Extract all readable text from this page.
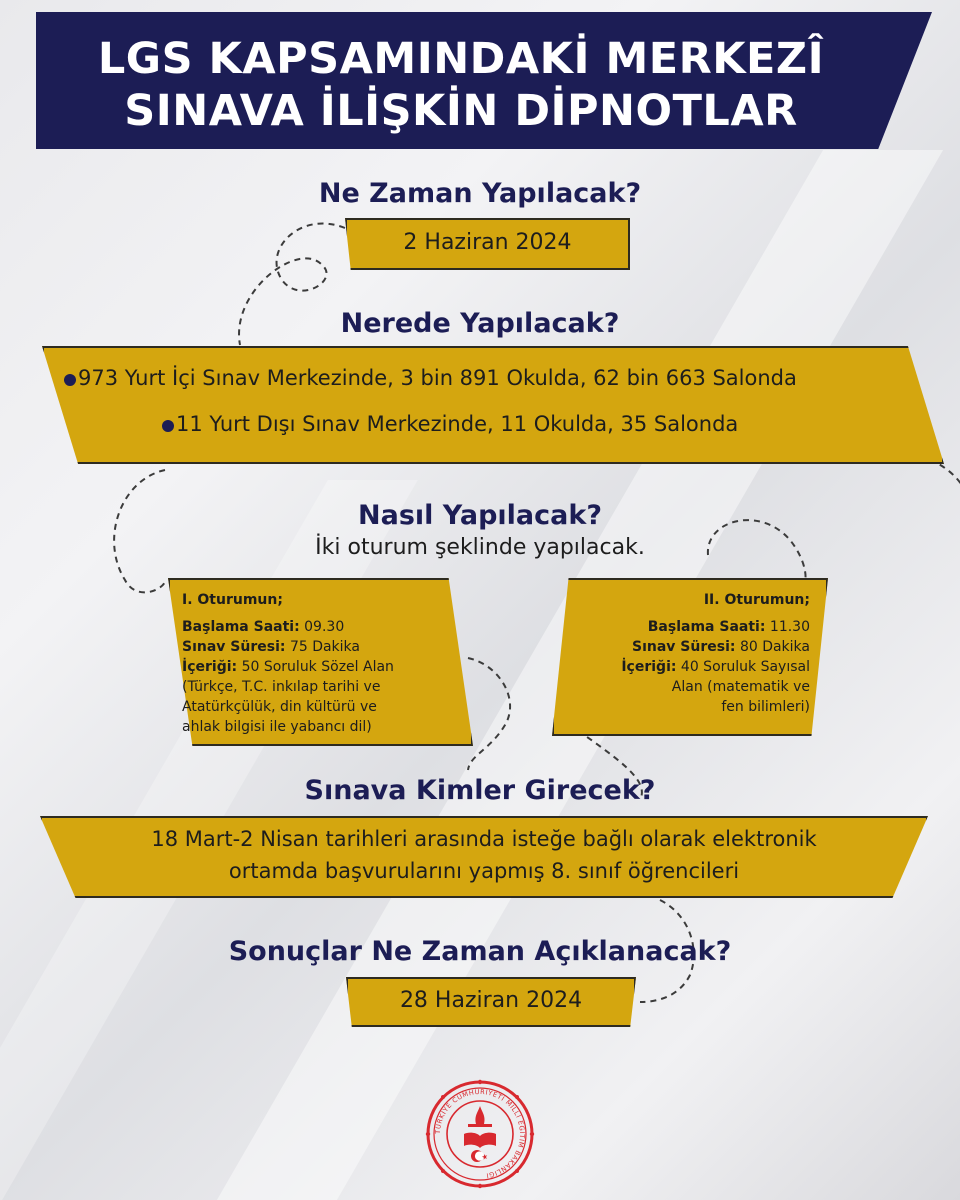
LGS KAPSAMINDAKİ MERKEZÎ
SINAVA İLİŞKİN DİPNOTLAR
Ne Zaman Yapılacak?
2 Haziran 2024
Nerede Yapılacak?
973 Yurt İçi Sınav Merkezinde, 3 bin 891 Okulda, 62 bin 663 Salonda
11 Yurt Dışı Sınav Merkezinde, 11 Okulda, 35 Salonda
Nasıl Yapılacak?
İki oturum şeklinde yapılacak.
I. Oturumun;
Başlama Saati: 09.30
Sınav Süresi: 75 Dakika
İçeriği: 50 Soruluk Sözel Alan
(Türkçe, T.C. inkılap tarihi ve
Atatürkçülük, din kültürü ve
ahlak bilgisi ile yabancı dil)
II. Oturumun;
Başlama Saati: 11.30
Sınav Süresi: 80 Dakika
İçeriği: 40 Soruluk Sayısal
Alan (matematik ve
fen bilimleri)
Sınava Kimler Girecek?
18 Mart-2 Nisan tarihleri arasında isteğe bağlı olarak elektronik
ortamda başvurularını yapmış 8. sınıf öğrencileri
Sonuçlar Ne Zaman Açıklanacak?
28 Haziran 2024
TÜRKİYE CUMHURİYETİ MİLLÎ EĞİTİM BAKANLIĞI
